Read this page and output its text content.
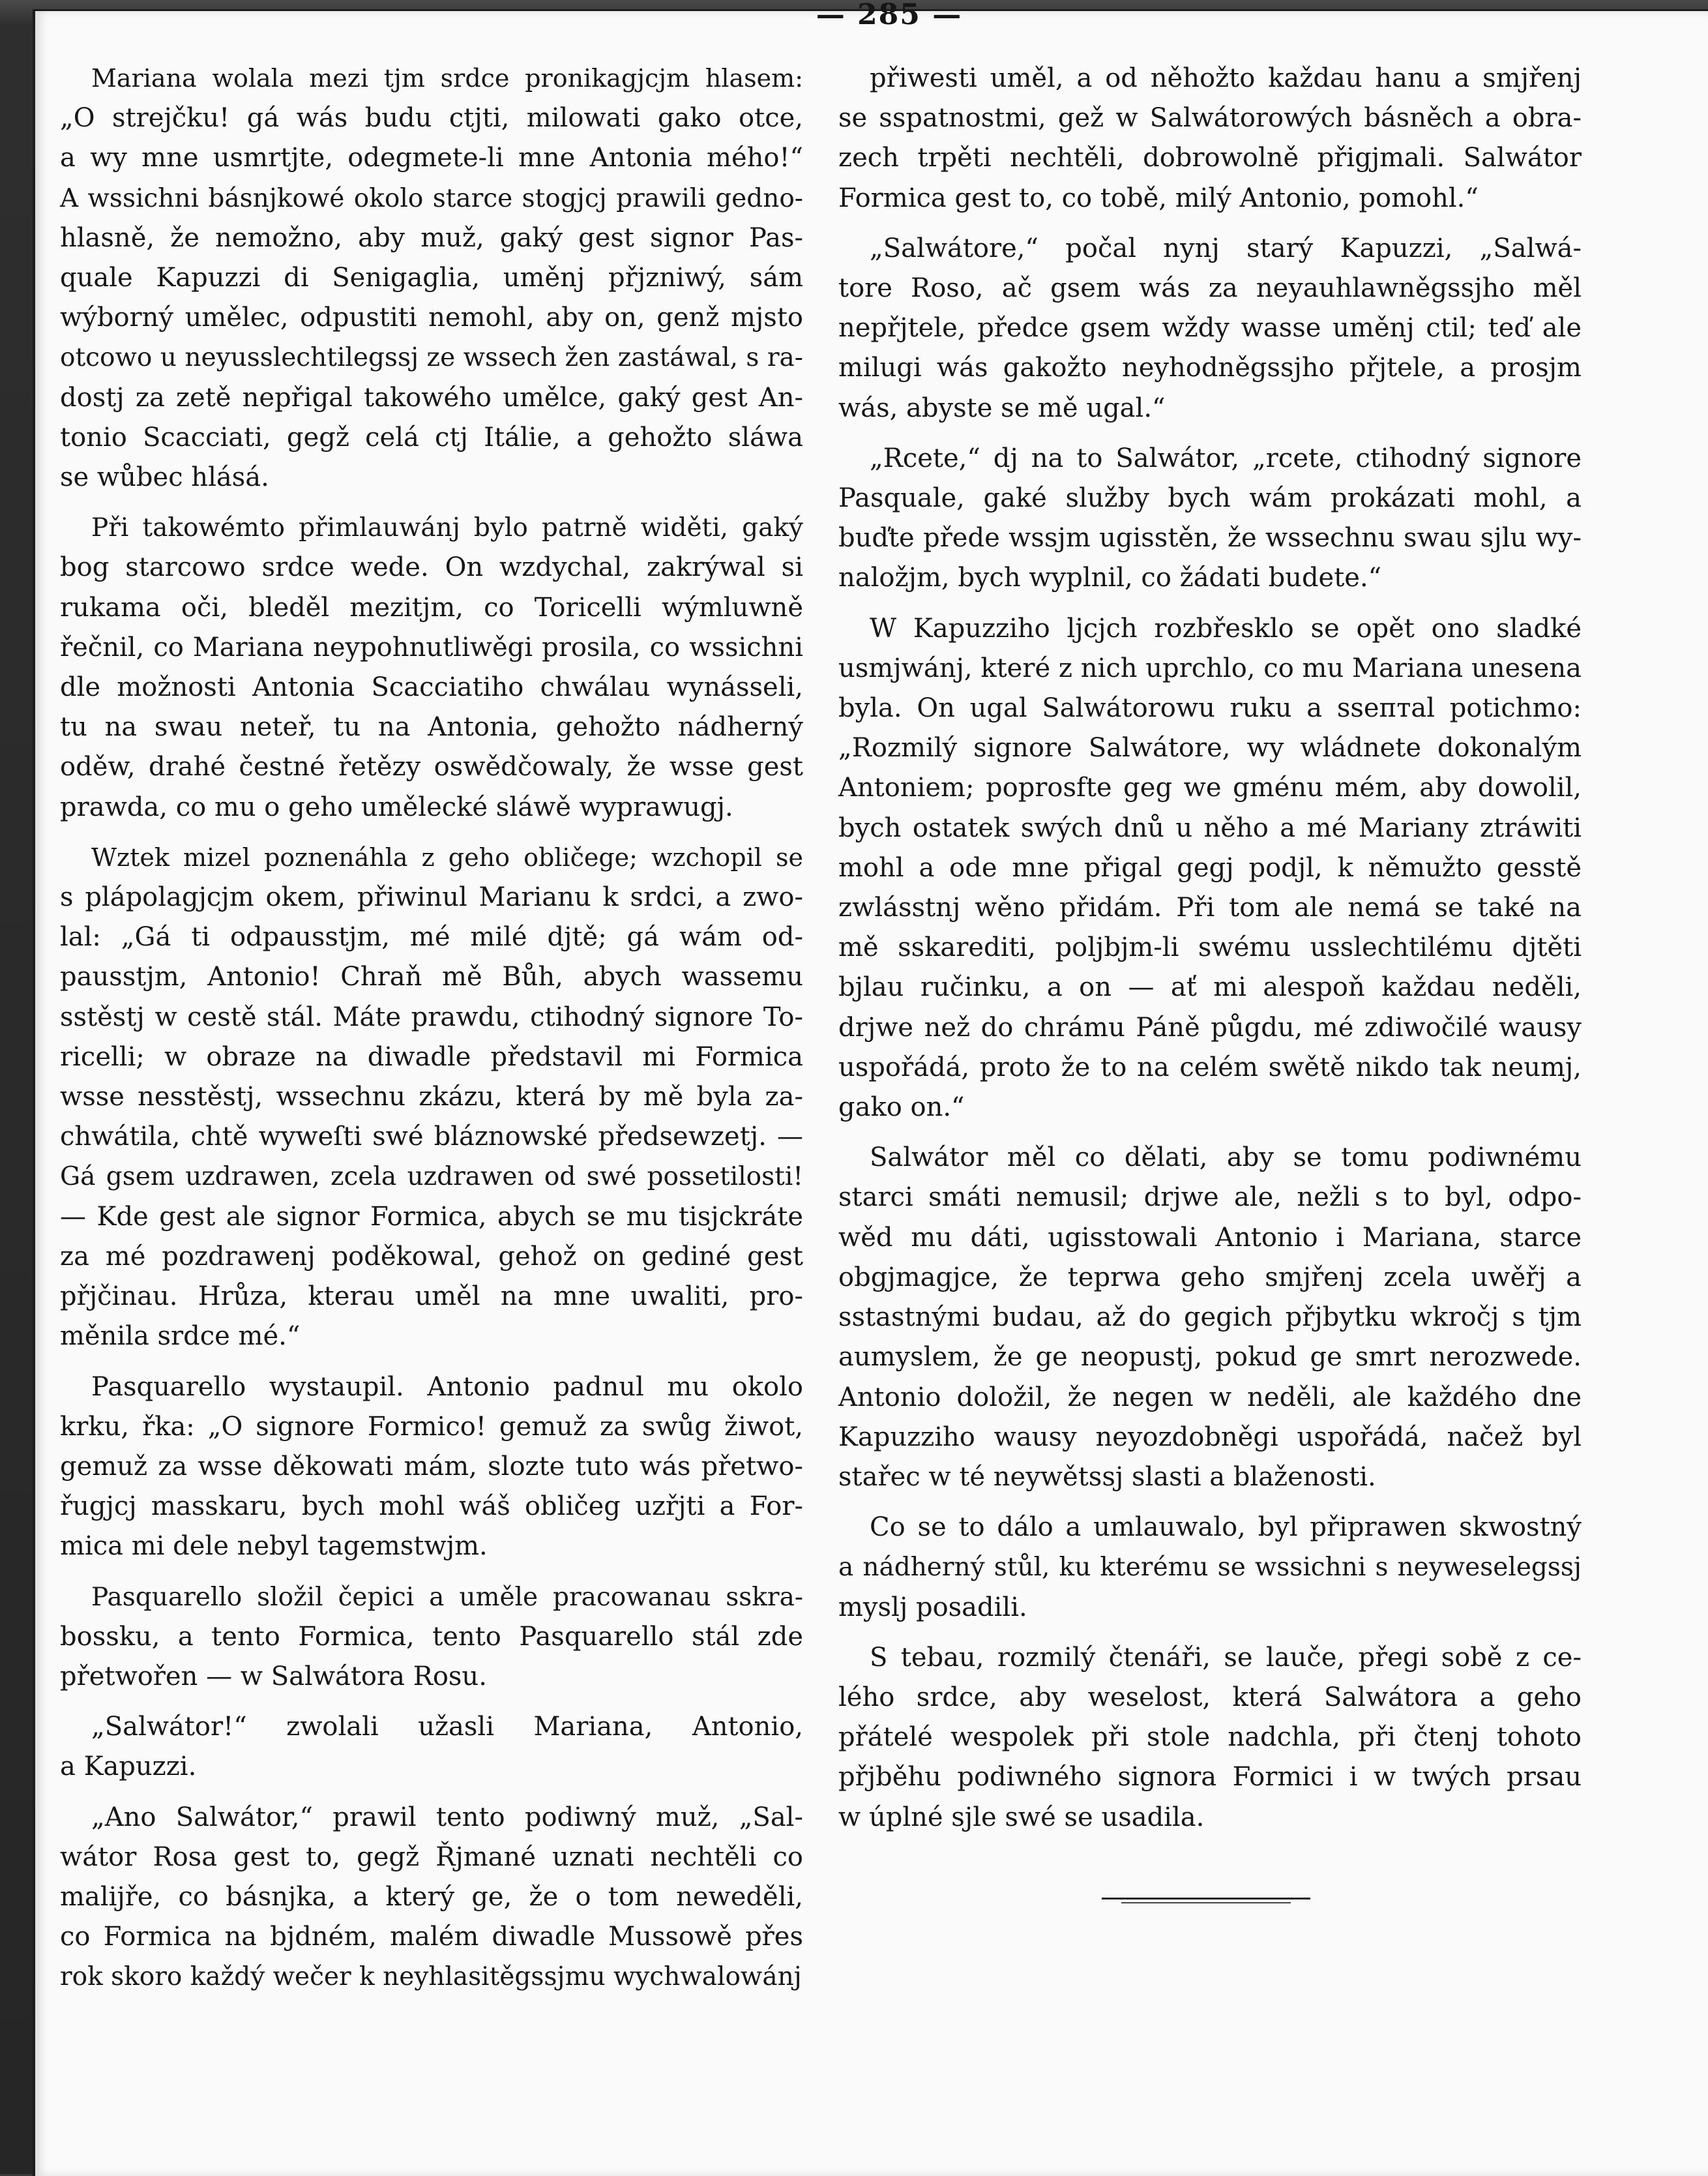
— 285 —
Mariana wolala mezi tjm srdce pronikagjcjm hlasem:
„O strejčku! gá wás budu ctjti, milowati gako otce,
a wy mne usmrtjte, odegmete-li mne Antonia mého!“
A wssichni básnjkowé okolo starce stogjcj prawili gedno-
hlasně, že nemožno, aby muž, gaký gest signor Pas-
quale Kapuzzi di Senigaglia, uměnj přjzniwý, sám
wýborný umělec, odpustiti nemohl, aby on, genž mjsto
otcowo u neyusslechtilegssj ze wssech žen zastáwal, s ra-
dostj za zetě nepřigal takowého umělce, gaký gest An-
tonio Scacciati, gegž celá ctj Itálie, a gehožto sláwa
se wůbec hlásá.
Při takowémto přimlauwánj bylo patrně widěti, gaký
bog starcowo srdce wede. On wzdychal, zakrýwal si
rukama oči, bleděl mezitjm, co Toricelli wýmluwně
řečnil, co Mariana neypohnutliwěgi prosila, co wssichni
dle možnosti Antonia Scacciatiho chwálau wynásseli,
tu na swau neteř, tu na Antonia, gehožto nádherný
oděw, drahé čestné řetězy oswědčowaly, že wsse gest
prawda, co mu o geho umělecké sláwě wyprawugj.
Wztek mizel poznenáhla z geho obličege; wzchopil se
s plápolagjcjm okem, přiwinul Marianu k srdci, a zwo-
lal: „Gá ti odpausstjm, mé milé djtě; gá wám od-
pausstjm, Antonio! Chraň mě Bůh, abych wassemu
sstěstj w cestě stál. Máte prawdu, ctihodný signore To-
ricelli; w obraze na diwadle představil mi Formica
wsse nesstěstj, wssechnu zkázu, která by mě byla za-
chwátila, chtě wyweſti swé bláznowské předsewzetj. —
Gá gsem uzdrawen, zcela uzdrawen od swé possetilosti!
— Kde gest ale signor Formica, abych se mu tisjckráte
za mé pozdrawenj poděkowal, gehož on gediné gest
přjčinau. Hrůza, kterau uměl na mne uwaliti, pro-
měnila srdce mé.“
Pasquarello wystaupil. Antonio padnul mu okolo
krku, řka: „O signore Formico! gemuž za swůg žiwot,
gemuž za wsse děkowati mám, slozte tuto wás přetwo-
řugjcj masskaru, bych mohl wáš obličeg uzřjti a For-
mica mi dele nebyl tagemstwjm.
Pasquarello složil čepici a uměle pracowanau sskra-
bossku, a tento Formica, tento Pasquarello stál zde
přetwořen — w Salwátora Rosu.
„Salwátor!“ zwolali užasli Mariana, Antonio,
a Kapuzzi.
„Ano Salwátor,“ prawil tento podiwný muž, „Sal-
wátor Rosa gest to, gegž Řjmané uznati nechtěli co
malijře, co básnjka, a který ge, že o tom neweděli,
co Formica na bjdném, malém diwadle Mussowě přes
rok skoro každý wečer k neyhlasitěgssjmu wychwalowánj
přiwesti uměl, a od něhožto každau hanu a smjřenj
se sspatnostmi, gež w Salwátorowých básněch a obra-
zech trpěti nechtěli, dobrowolně přigjmali. Salwátor
Formica gest to, co tobě, milý Antonio, pomohl.“
„Salwátore,“ počal nynj starý Kapuzzi, „Salwá-
tore Roso, ač gsem wás za neyauhlawněgssjho měl
nepřjtele, předce gsem wždy wasse uměnj ctil; teď ale
milugi wás gakožto neyhodněgssjho přjtele, a prosjm
wás, abyste se mě ugal.“
„Rcete,“ dj na to Salwátor, „rcete, ctihodný signore
Pasquale, gaké služby bych wám prokázati mohl, a
buďte přede wssjm ugisstěn, že wssechnu swau sjlu wy-
naložjm, bych wyplnil, co žádati budete.“
W Kapuzziho ljcjch rozbřesklo se opět ono sladké
usmjwánj, které z nich uprchlo, co mu Mariana unesena
byla. On ugal Salwátorowu ruku a ssептal potichmo:
„Rozmilý signore Salwátore, wy wládnete dokonalým
Antoniem; poprosfte geg we gménu mém, aby dowolil,
bych ostatek swých dnů u něho a mé Mariany ztráwiti
mohl a ode mne přigal gegj podjl, k němužto gesstě
zwlásstnj wěno přidám. Při tom ale nemá se také na
mě sskarediti, poljbjm-li swému usslechtilému djtěti
bjlau ručinku, a on — ať mi alespoň každau neděli,
drjwe než do chrámu Páně půgdu, mé zdiwočilé wausy
uspořádá, proto že to na celém swětě nikdo tak neumj,
gako on.“
Salwátor měl co dělati, aby se tomu podiwnému
starci smáti nemusil; drjwe ale, nežli s to byl, odpo-
wěd mu dáti, ugisstowali Antonio i Mariana, starce
obgjmagjce, že teprwa geho smjřenj zcela uwěřj a
sstastnými budau, až do gegich přjbytku wkročj s tjm
aumyslem, že ge neopustj, pokud ge smrt nerozwede.
Antonio doložil, že negen w neděli, ale každého dne
Kapuzziho wausy neyozdobněgi uspořádá, načež byl
stařec w té neywětssj slasti a blaženosti.
Co se to dálo a umlauwalo, byl připrawen skwostný
a nádherný stůl, ku kterému se wssichni s neyweselegssj
myslj posadili.
S tebau, rozmilý čtenáři, se laučе, přegi sobě z ce-
lého srdce, aby weselost, která Salwátora a geho
přátelé wespolek při stole nadchla, při čtenj tohoto
přjběhu podiwného signora Formici i w twých prsau
w úplné sjle swé se usadila.
